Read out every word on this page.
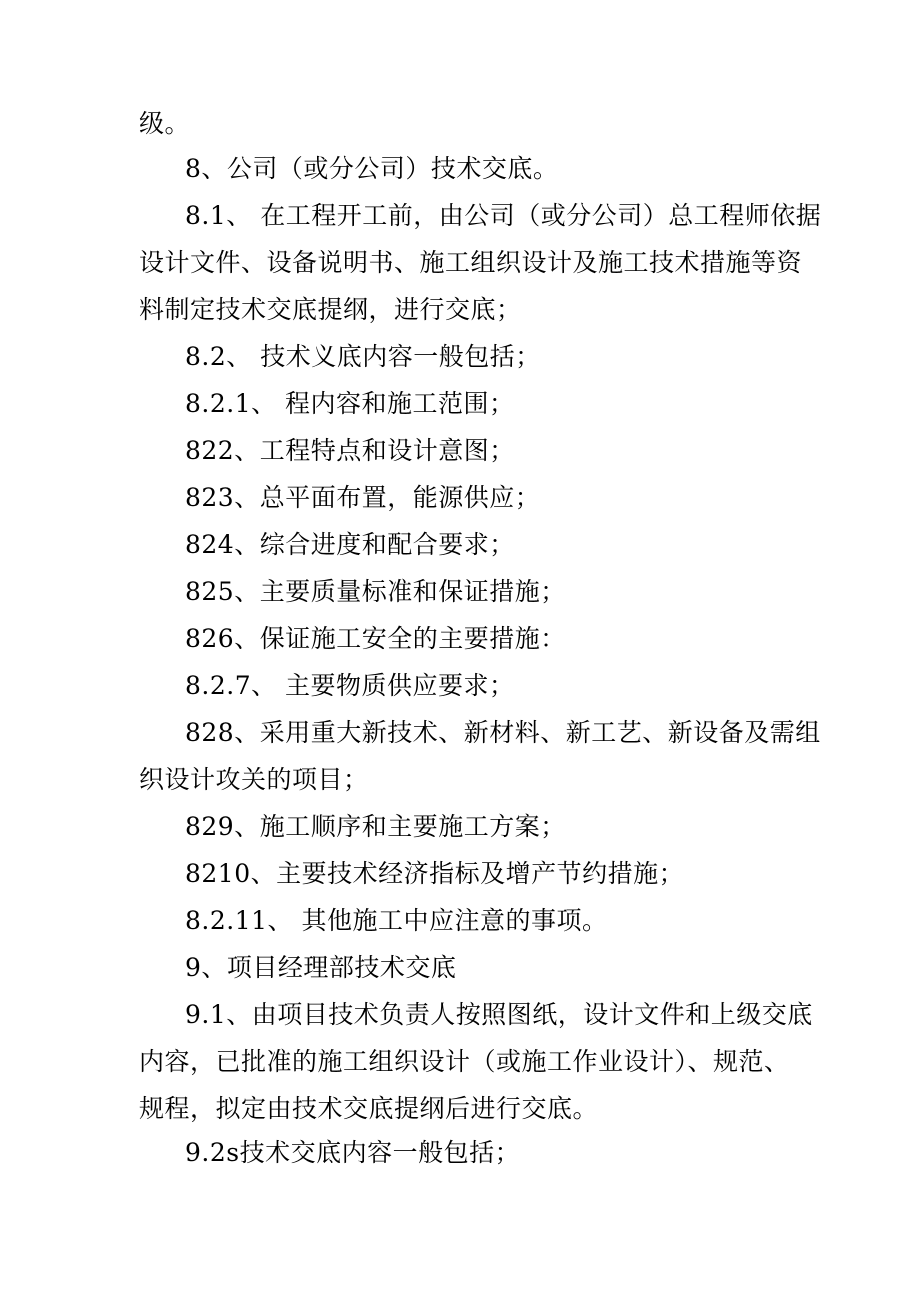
级。
8、公司（或分公司）技术交底。
8.1、 在工程开工前，由公司（或分公司）总工程师依据
设计文件、设备说明书、施工组织设计及施工技术措施等资
料制定技术交底提纲，进行交底；
8.2、 技术义底内容一般包括；
8.2.1、 程内容和施工范围；
822、工程特点和设计意图；
823、总平面布置，能源供应；
824、综合进度和配合要求；
825、主要质量标准和保证措施；
826、保证施工安全的主要措施：
8.2.7、 主要物质供应要求；
828、采用重大新技术、新材料、新工艺、新设备及需组
织设计攻关的项目；
829、施工顺序和主要施工方案；
8210、主要技术经济指标及增产节约措施；
8.2.11、 其他施工中应注意的事项。
9、项目经理部技术交底
9.1、由项目技术负责人按照图纸，设计文件和上级交底
内容，已批准的施工组织设计（或施工作业设计）、规范、
规程，拟定由技术交底提纲后进行交底。
9.2s技术交底内容一般包括；
